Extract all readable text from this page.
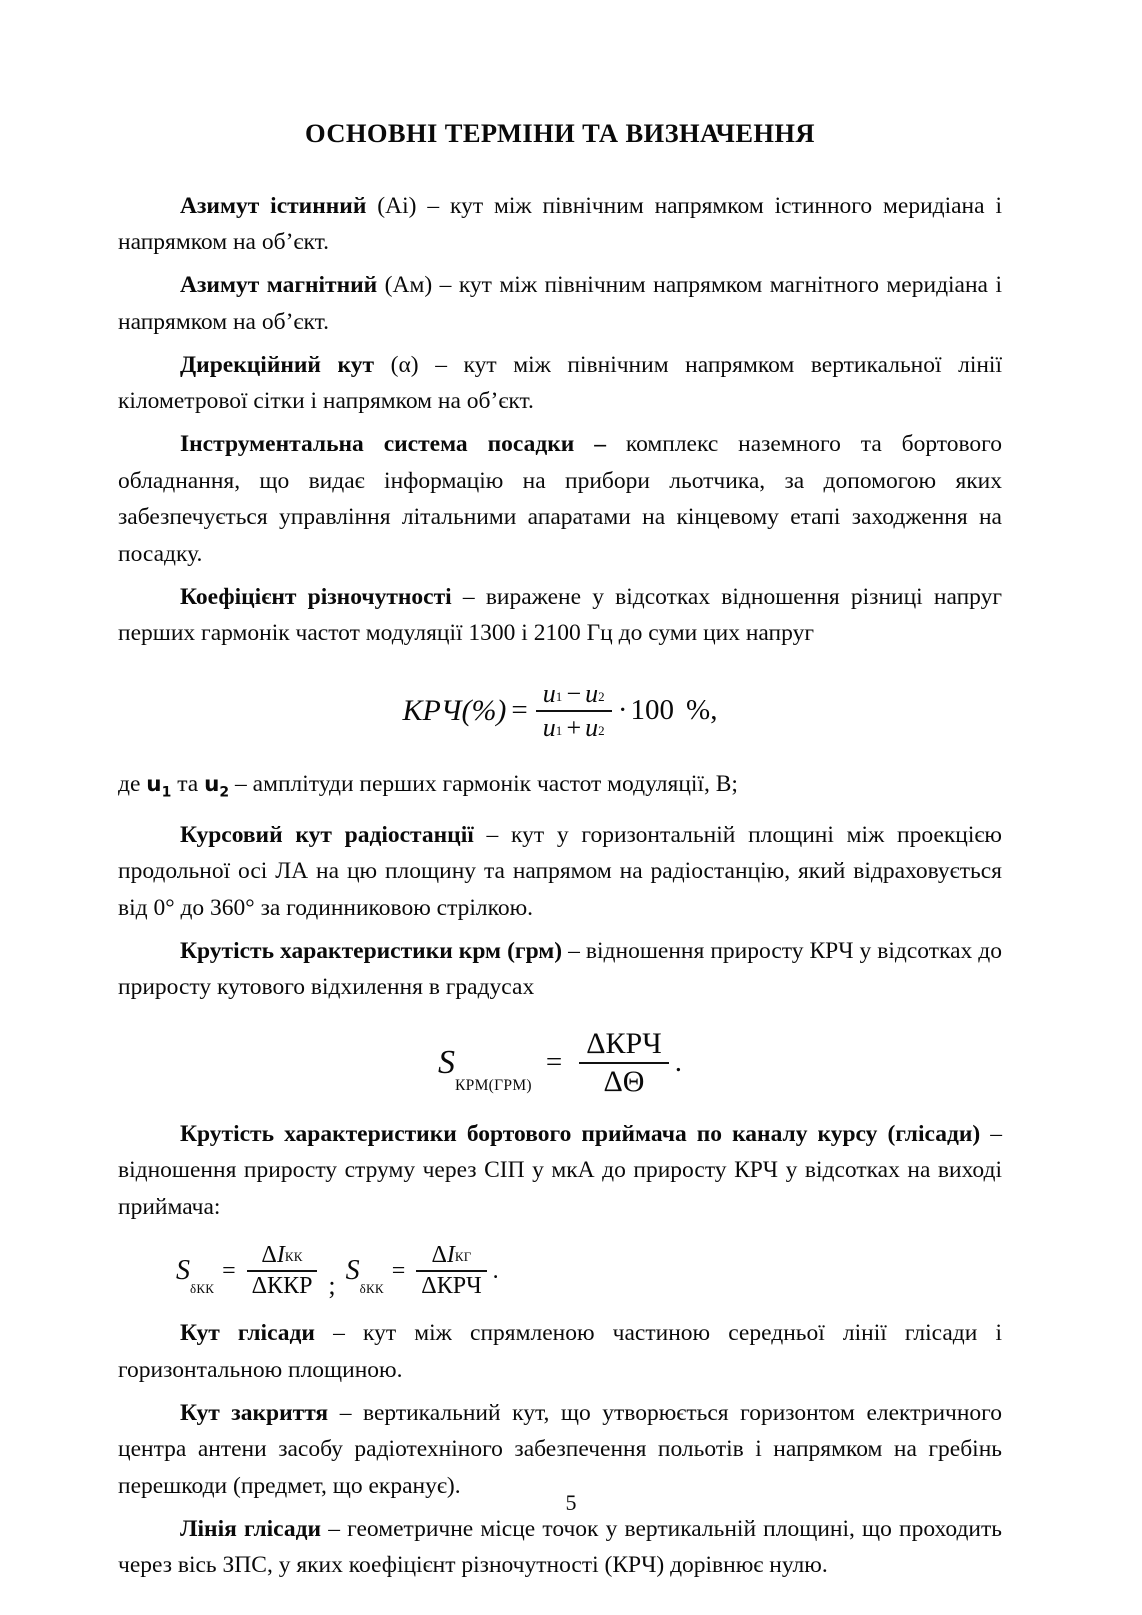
ОСНОВНІ ТЕРМІНИ ТА ВИЗНАЧЕННЯ

Азимут істинний (Аi) – кут між північним напрямком істинного меридіана і напрямком на об’єкт.

Азимут магнітний (Ам) – кут між північним напрямком магнітного меридіана і напрямком на об’єкт.

Дирекційний кут (α) – кут між північним напрямком вертикальної лінії кілометрової сітки і напрямком на об’єкт.

Інструментальна система посадки – комплекс наземного та бортового обладнання, що видає інформацію на прибори льотчика, за допомогою яких забезпечується управління літальними апаратами на кінцевому етапі заходження на посадку.

Коефіцієнт різночутності – виражене у відсотках відношення різниці напруг перших гармонік частот модуляції 1300 і 2100 Гц до суми цих напруг

$КРЧ(\%) = \frac{u_1 - u_2}{u_1 + u_2} \cdot 100$ %,

де $u_1$ та $u_2$ – амплітуди перших гармонік частот модуляції, В;

Курсовий кут радіостанції – кут у горизонтальній площині між проекцією продольної осі ЛА на цю площину та напрямом на радіостанцію, який відраховується від 0° до 360° за годинниковою стрілкою.

Крутість характеристики крм (грм) – відношення приросту КРЧ у відсотках до приросту кутового відхилення в градусах

S
КРМ(ГРМ)
= $\frac{\text{ΔКРЧ}}{\Delta\Theta}$ .

Крутість характеристики бортового приймача по каналу курсу (глісади) – відношення приросту струму через СІП у мкА до приросту КРЧ у відсотках на виході приймача:

S
$_{\delta КК}$
= $\frac{\Delta I_{КК}}{\text{ΔККР}}$ ; S
$_{\delta КК}$
= $\frac{\Delta I_{КГ}}{\text{ΔКРЧ}}$ .

Кут глісади – кут між спрямленою частиною середньої лінії глісади і горизонтальною площиною.

Кут закриття – вертикальний кут, що утворюється горизонтом електричного центра антени засобу радіотехніного забезпечення польотів і напрямком на гребінь перешкоди (предмет, що екранує).

Лінія глісади – геометричне місце точок у вертикальній площині, що проходить через вісь ЗПС, у яких коефіцієнт різночутності (КРЧ) дорівнює нулю.

5
